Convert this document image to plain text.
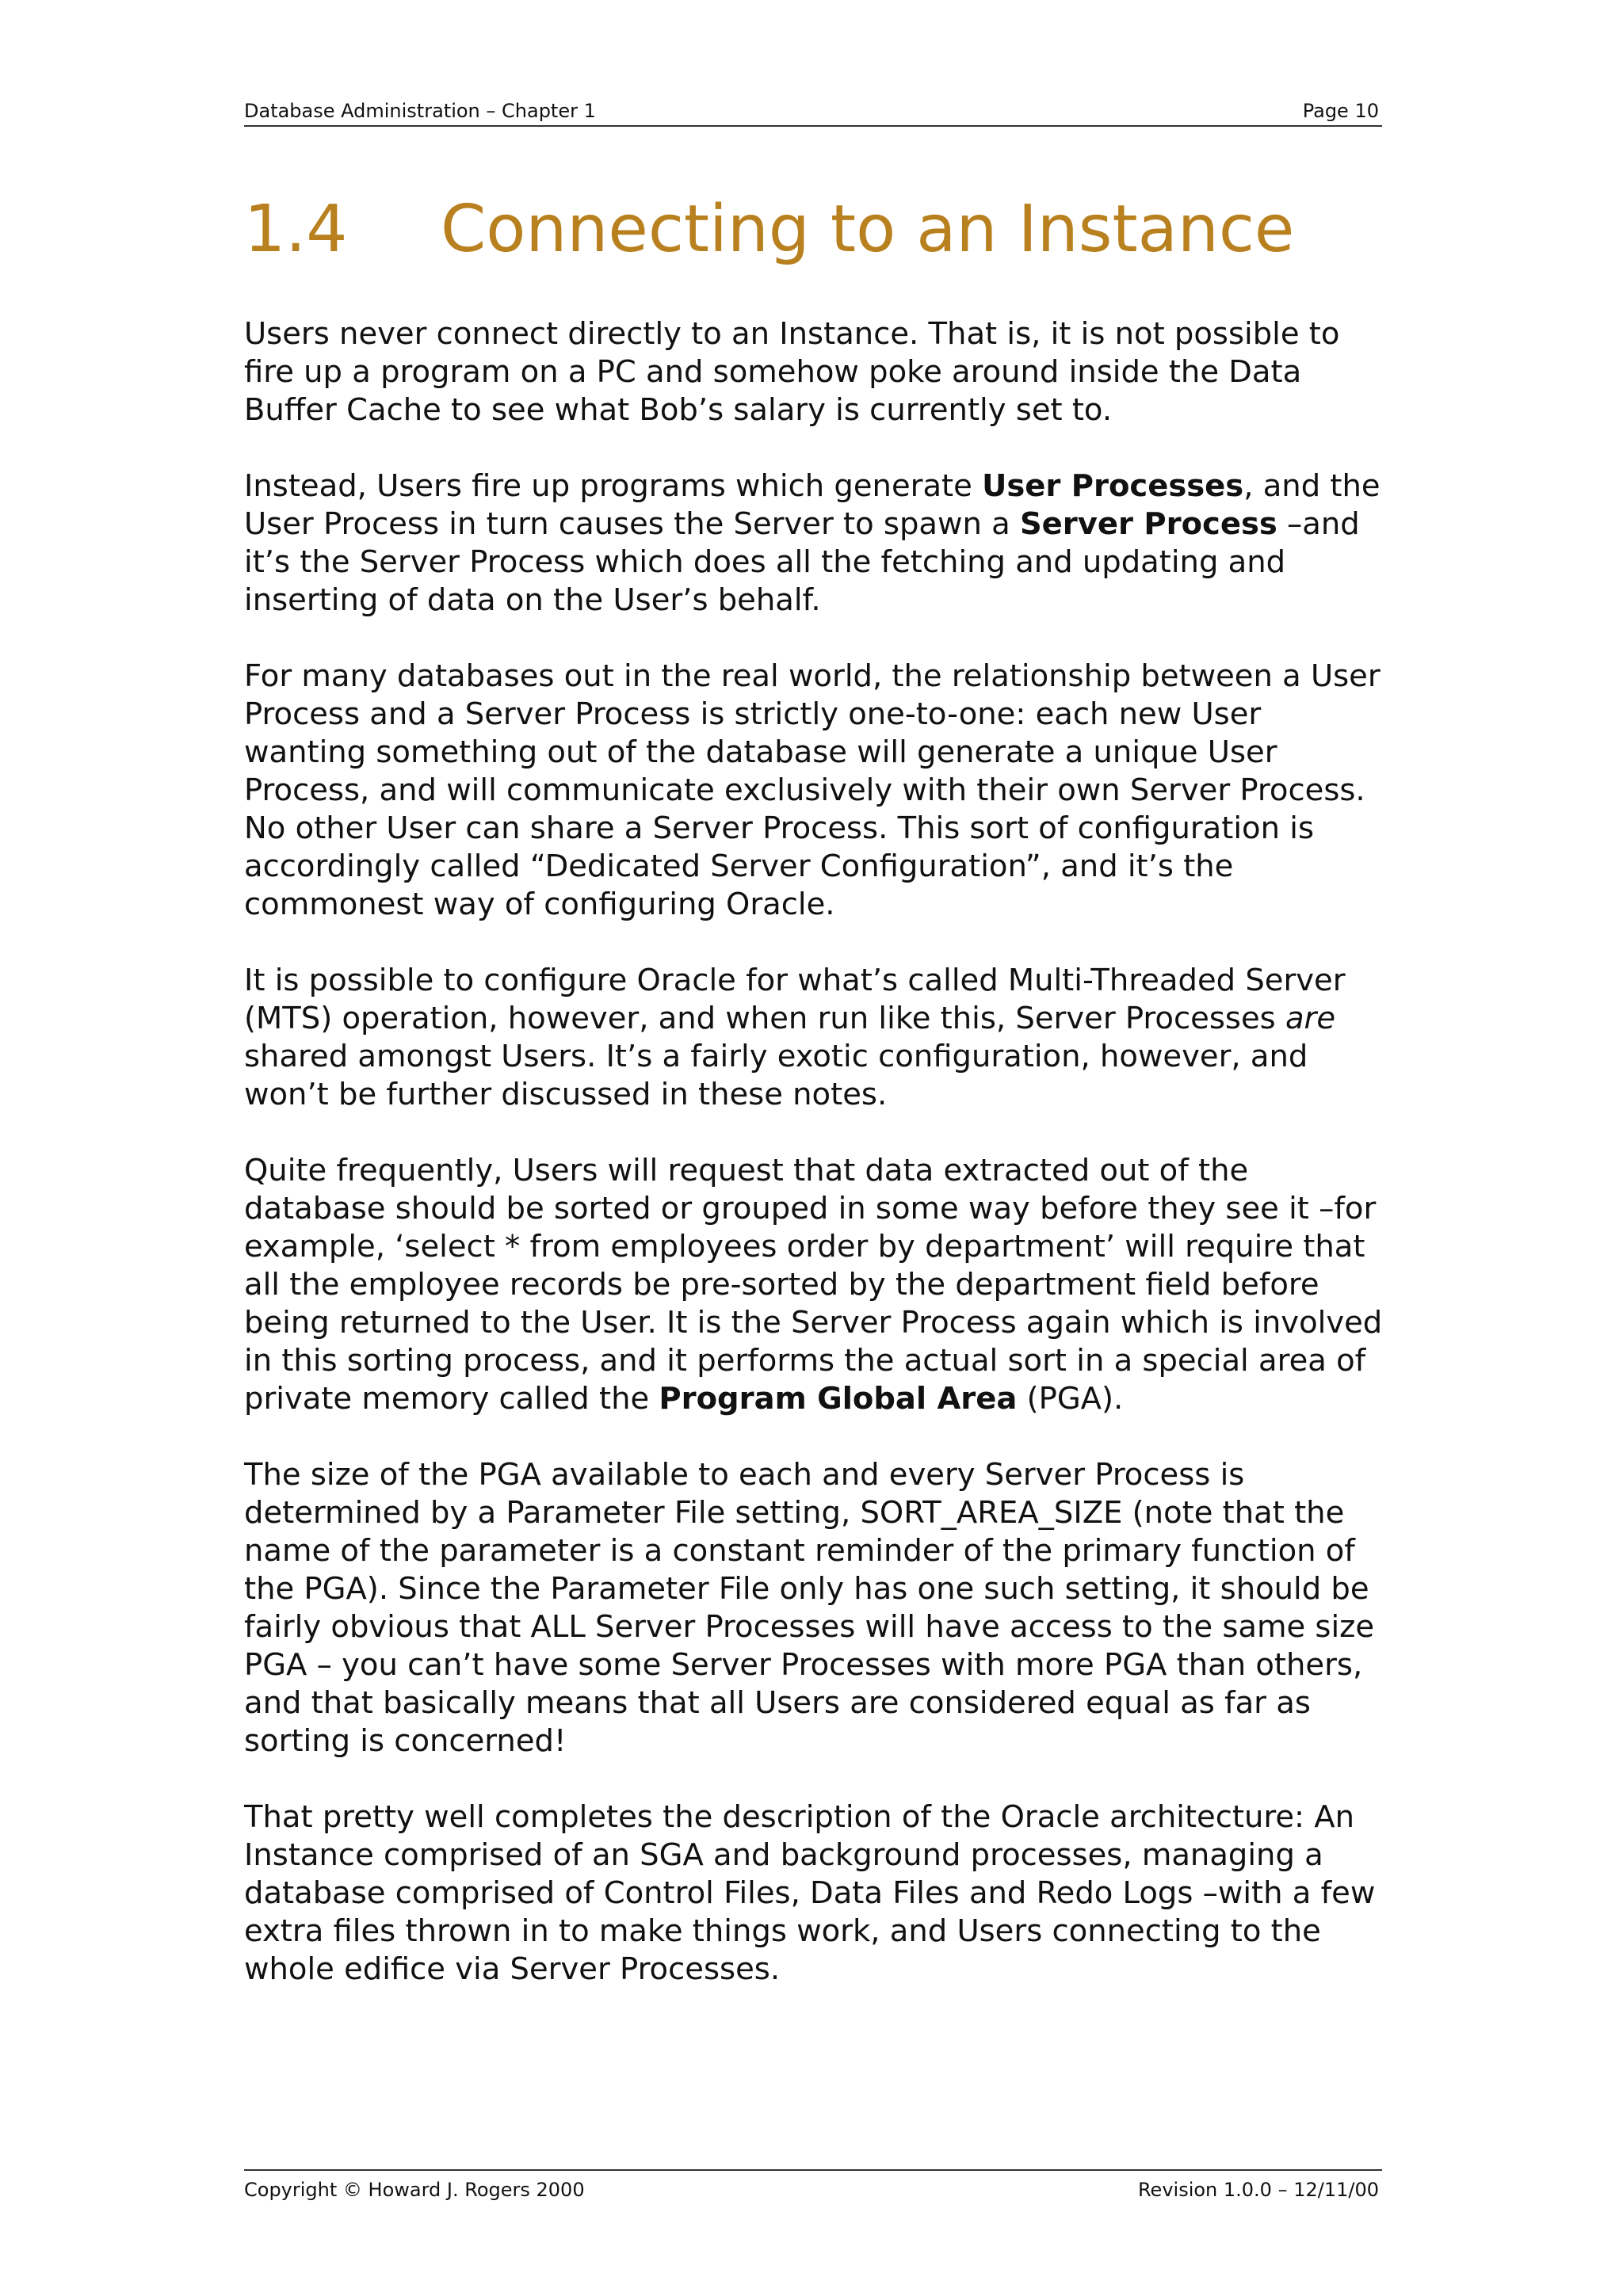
Database Administration – Chapter 1	Page 10
1.4 Connecting to an Instance

Users never connect directly to an Instance. That is, it is not possible to fire up a program on a PC and somehow poke around inside the Data Buffer Cache to see what Bob’s salary is currently set to.

Instead, Users fire up programs which generate User Processes, and the User Process in turn causes the Server to spawn a Server Process –and it’s the Server Process which does all the fetching and updating and inserting of data on the User’s behalf.

For many databases out in the real world, the relationship between a User Process and a Server Process is strictly one-to-one: each new User wanting something out of the database will generate a unique User Process, and will communicate exclusively with their own Server Process. No other User can share a Server Process. This sort of configuration is accordingly called “Dedicated Server Configuration”, and it’s the commonest way of configuring Oracle.

It is possible to configure Oracle for what’s called Multi-Threaded Server (MTS) operation, however, and when run like this, Server Processes are shared amongst Users. It’s a fairly exotic configuration, however, and won’t be further discussed in these notes.

Quite frequently, Users will request that data extracted out of the database should be sorted or grouped in some way before they see it –for example, ‘select * from employees order by department’ will require that all the employee records be pre-sorted by the department field before being returned to the User. It is the Server Process again which is involved in this sorting process, and it performs the actual sort in a special area of private memory called the Program Global Area (PGA).

The size of the PGA available to each and every Server Process is determined by a Parameter File setting, SORT_AREA_SIZE (note that the name of the parameter is a constant reminder of the primary function of the PGA). Since the Parameter File only has one such setting, it should be fairly obvious that ALL Server Processes will have access to the same size PGA – you can’t have some Server Processes with more PGA than others, and that basically means that all Users are considered equal as far as sorting is concerned!

That pretty well completes the description of the Oracle architecture: An Instance comprised of an SGA and background processes, managing a database comprised of Control Files, Data Files and Redo Logs –with a few extra files thrown in to make things work, and Users connecting to the whole edifice via Server Processes.

Copyright © Howard J. Rogers 2000	Revision 1.0.0 – 12/11/00
